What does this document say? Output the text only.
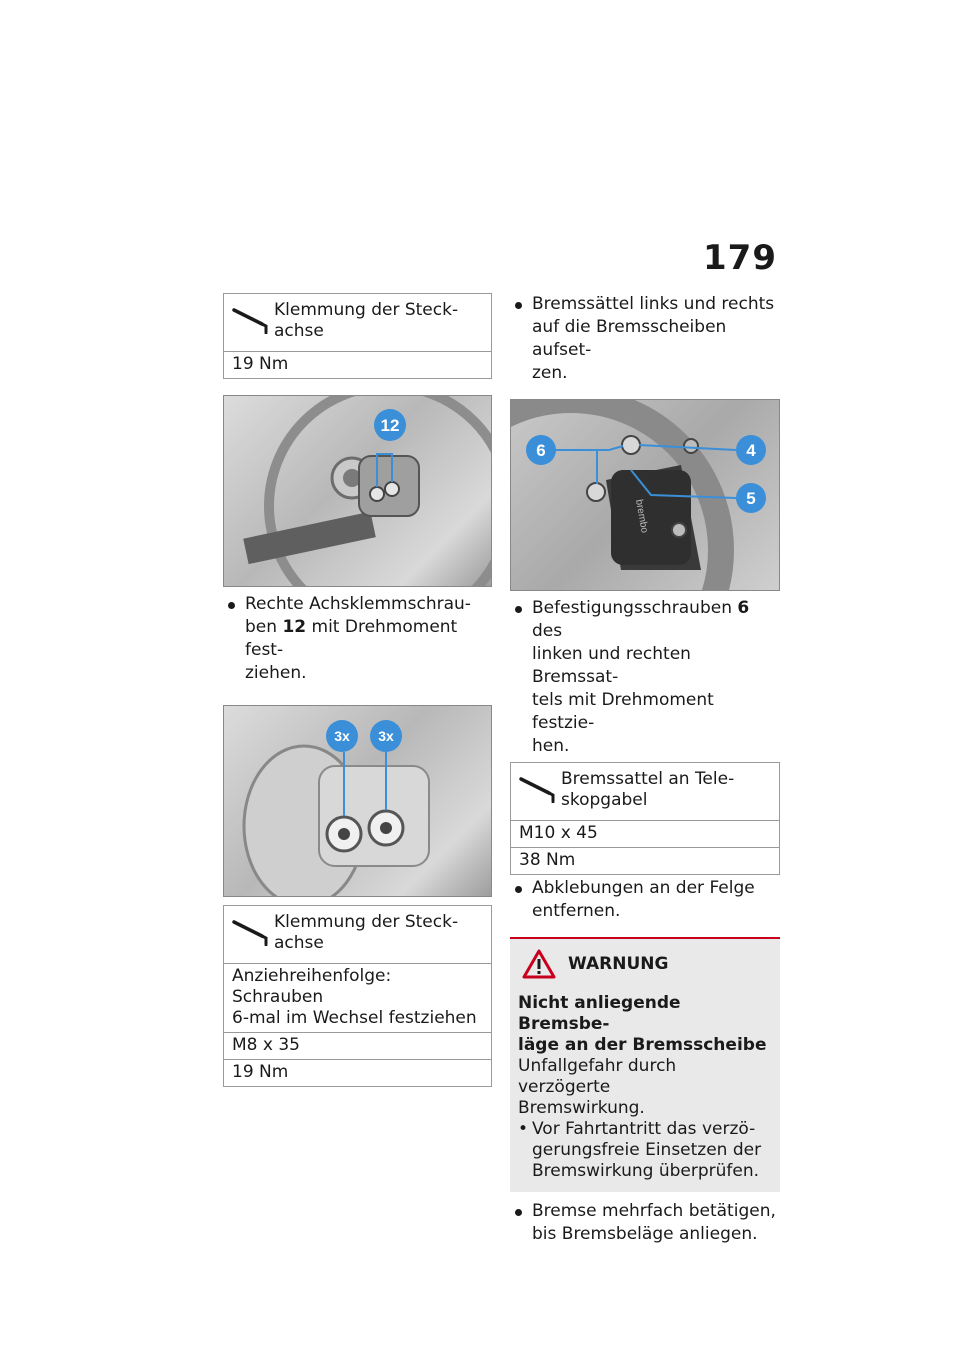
179
Klemmung der Steck-
achse
19 Nm
12
Rechte Achsklemmschrau-
ben 12 mit Drehmoment fest-
ziehen.
3x 3x
Klemmung der Steck-
achse
Anziehreihenfolge: Schrauben
6-mal im Wechsel festziehen
M8 x 35
19 Nm
Bremssättel links und rechts
auf die Bremsscheiben aufset-
zen.
brembo
6	4
5
Befestigungsschrauben 6 des
linken und rechten Bremssat-
tels mit Drehmoment festzie-
hen.
Bremssattel an Tele-
skopgabel
M10 x 45
38 Nm
Abklebungen an der Felge
entfernen.
WARNUNG
Nicht anliegende Bremsbe-
läge an der Bremsscheibe
Unfallgefahr durch verzögerte
Bremswirkung.
• Vor Fahrtantritt das verzö-
gerungsfreie Einsetzen der
Bremswirkung überprüfen.
Bremse mehrfach betätigen,
bis Bremsbeläge anliegen.
